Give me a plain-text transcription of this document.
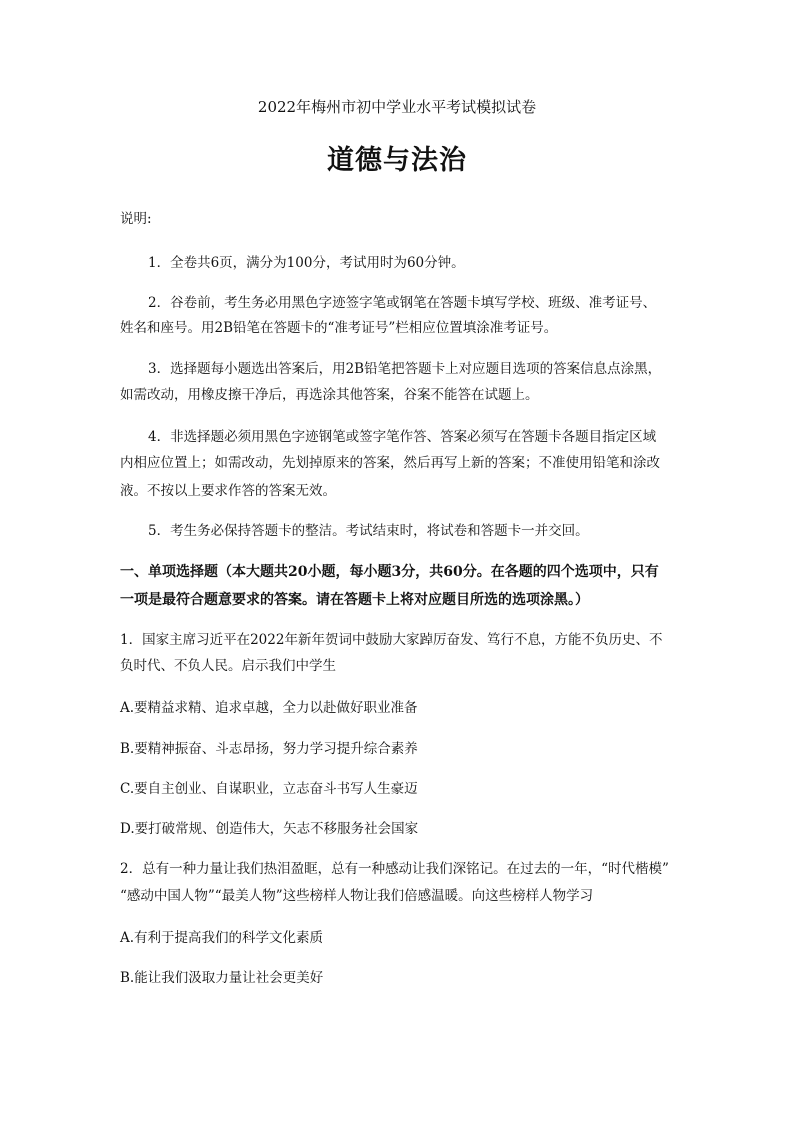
2022年梅州市初中学业水平考试模拟试卷
道德与法治
说明:
1．全卷共6页，满分为100分，考试用时为60分钟。
2．谷卷前，考生务必用黑色字迹签字笔或钢笔在答题卡填写学校、班级、准考证号、
姓名和座号。用2B铅笔在答题卡的“准考证号”栏相应位置填涂准考证号。
3．选择题每小题选出答案后，用2B铅笔把答题卡上对应题目选项的答案信息点涂黑，
如需改动，用橡皮擦干净后，再选涂其他答案，谷案不能答在试题上。
4．非选择题必须用黑色字迹钢笔或签字笔作答、答案必须写在答题卡各题目指定区域
内相应位置上；如需改动，先划掉原来的答案，然后再写上新的答案；不准使用铅笔和涂改
液。不按以上要求作答的答案无效。
5．考生务必保持答题卡的整洁。考试结束时，将试卷和答题卡一并交回。
一、单项选择题（本大题共20小题，每小题3分，共60分。在各题的四个选项中，只有
一项是最符合题意要求的答案。请在答题卡上将对应题目所选的选项涂黑。）
1．国家主席习近平在2022年新年贺词中鼓励大家踔厉奋发、笃行不息，方能不负历史、不
负时代、不负人民。启示我们中学生
A.要精益求精、追求卓越，全力以赴做好职业准备
B.要精神振奋、斗志昂扬，努力学习提升综合素养
C.要自主创业、自谋职业，立志奋斗书写人生豪迈
D.要打破常规、创造伟大，矢志不移服务社会国家
2．总有一种力量让我们热泪盈眶，总有一种感动让我们深铭记。在过去的一年，“时代楷模”
“感动中国人物”“最美人物”这些榜样人物让我们倍感温暖。向这些榜样人物学习
A.有利于提高我们的科学文化素质
B.能让我们汲取力量让社会更美好
